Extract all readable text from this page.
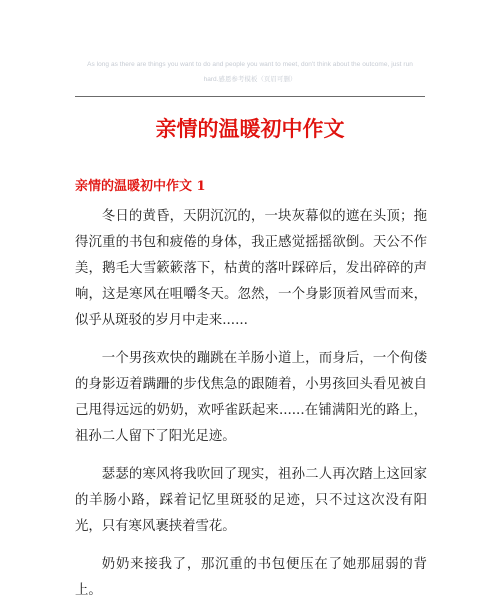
As long as there are things you want to do and people you want to meet, don't think about the outcome, just run
hard.感恩参考模板（页眉可删）
亲情的温暖初中作文
亲情的温暖初中作文 1

冬日的黄昏，天阴沉沉的，一块灰幕似的遮在头顶；拖得沉重的书包和疲倦的身体，我正感觉摇摇欲倒。天公不作美，鹅毛大雪簌簌落下，枯黄的落叶踩碎后，发出碎碎的声响，这是寒风在咀嚼冬天。忽然，一个身影顶着风雪而来，似乎从斑驳的岁月中走来......

一个男孩欢快的蹦跳在羊肠小道上，而身后，一个佝偻的身影迈着蹒跚的步伐焦急的跟随着，小男孩回头看见被自己甩得远远的奶奶，欢呼雀跃起来......在铺满阳光的路上，祖孙二人留下了阳光足迹。

瑟瑟的寒风将我吹回了现实，祖孙二人再次踏上这回家的羊肠小路，踩着记忆里斑驳的足迹，只不过这次没有阳光，只有寒风裹挟着雪花。

奶奶来接我了，那沉重的书包便压在了她那屈弱的背上。
